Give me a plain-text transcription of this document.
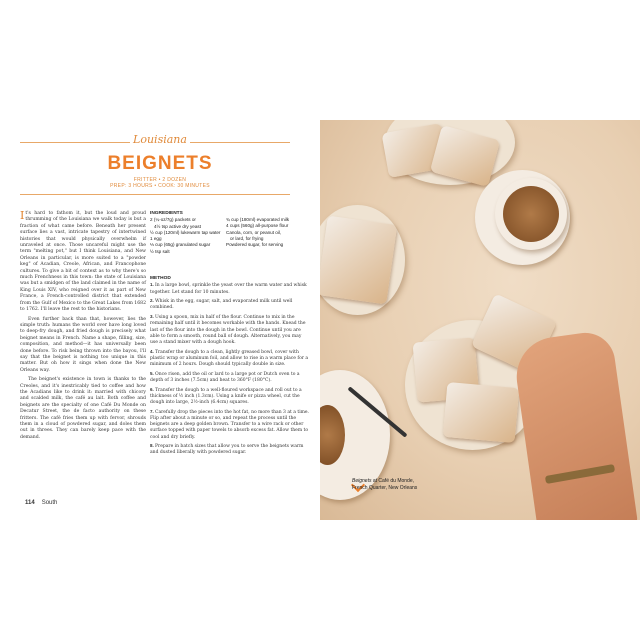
Louisiana
BEIGNETS
FRITTER • 2 DOZEN
PREP: 3 HOURS • COOK: 30 MINUTES

It's hard to fathom it, but the loud and proud thrumming of the Louisiana we walk today is but a fraction of what came before. Beneath her present surface lies a vast, intricate tapestry of intertwined histories that would physically overwhelm if unraveled at once. Those uncareful might use the term "melting pot," but I think Louisiana, and New Orleans in particular, is more suited to a "powder keg" of Acadian, Creole, African, and Francophone cultures. To give a bit of context as to why there's so much Frenchness in this town: the state of Louisiana was but a smidgen of the land claimed in the name of King Louis XIV, who reigned over it as part of New France, a French-controlled district that extended from the Gulf of Mexico to the Great Lakes from 1682 to 1762. I'll leave the rest to the historians.

Even further back than that, however, lies the simple truth: humans the world over have long loved to deep-fry dough, and fried dough is precisely what beignet means in French. Name a shape, filling, size, composition, and method—it has universally been done before. To risk being thrown into the bayou, I'll say that the beignet is nothing too unique in this matter. But oh how it sings when done the New Orleans way.

The beignet's existence in town is thanks to the Creoles, and it's inextricably tied to coffee and how the Acadians like to drink it: married with chicory and scalded milk, the café au lait. Both coffee and beignets are the specialty of one Café Du Monde on Decatur Street, the de facto authority on these fritters. The café fries them up with fervor, shrouds them in a cloud of powdered sugar, and doles them out in threes. They can barely keep pace with the demand.

INGREDIENTS
2 (¼-oz/7g) packets or
4½ tsp active dry yeast
½ cup (120ml) lukewarm tap water
1 egg
⅓ cup (65g) granulated sugar
½ tsp salt
¾ cup (180ml) evaporated milk
4 cups (560g) all-purpose flour
Canola, corn, or peanut oil,
or lard, for frying
Powdered sugar, for serving
METHOD
1. In a large bowl, sprinkle the yeast over the warm water and whisk together. Let stand for 10 minutes.
2. Whisk in the egg, sugar, salt, and evaporated milk until well combined.
3. Using a spoon, mix in half of the flour. Continue to mix in the remaining half until it becomes workable with the hands. Knead the last of the flour into the dough in the bowl. Continue until you are able to form a smooth, round ball of dough. Alternatively, you may use a stand mixer with a dough hook.
4. Transfer the dough to a clean, lightly greased bowl, cover with plastic wrap or aluminum foil, and allow to rise in a warm place for a minimum of 2 hours. Dough should typically double in size.
5. Once risen, add the oil or lard to a large pot or Dutch oven to a depth of 3 inches (7.5cm) and heat to 360°F (180°C).
6. Transfer the dough to a well-floured workspace and roll out to a thickness of ½ inch (1.3cm). Using a knife or pizza wheel, cut the dough into large, 2½-inch (6.4cm) squares.
7. Carefully drop the pieces into the hot fat, no more than 3 at a time. Flip after about a minute or so, and repeat the process until the beignets are a deep golden brown. Transfer to a wire rack or other surface topped with paper towels to absorb excess fat. Allow them to cool and dry briefly.
8. Prepare in batch sizes that allow you to serve the beignets warm and dusted liberally with powdered sugar.
114 South
Beignets at Café du Monde,
French Quarter, New Orleans
